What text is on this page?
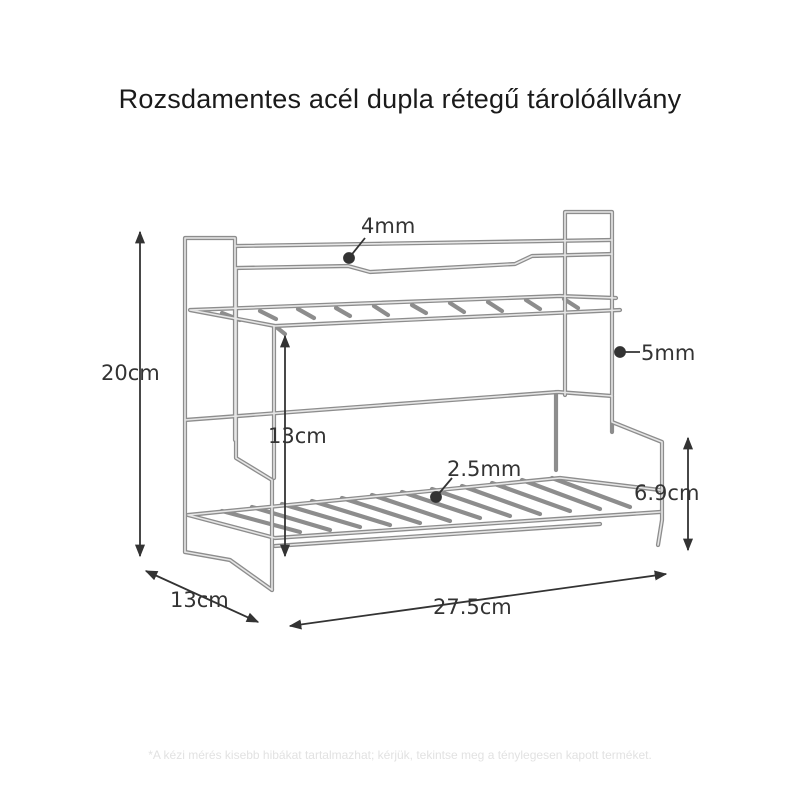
Rozsdamentes acél dupla rétegű tárolóállvány
4mm
5mm
2.5mm
20cm
13cm
6.9cm
13cm	27.5cm
*A kézi mérés kisebb hibákat tartalmazhat; kérjük, tekintse meg a ténylegesen kapott terméket.
